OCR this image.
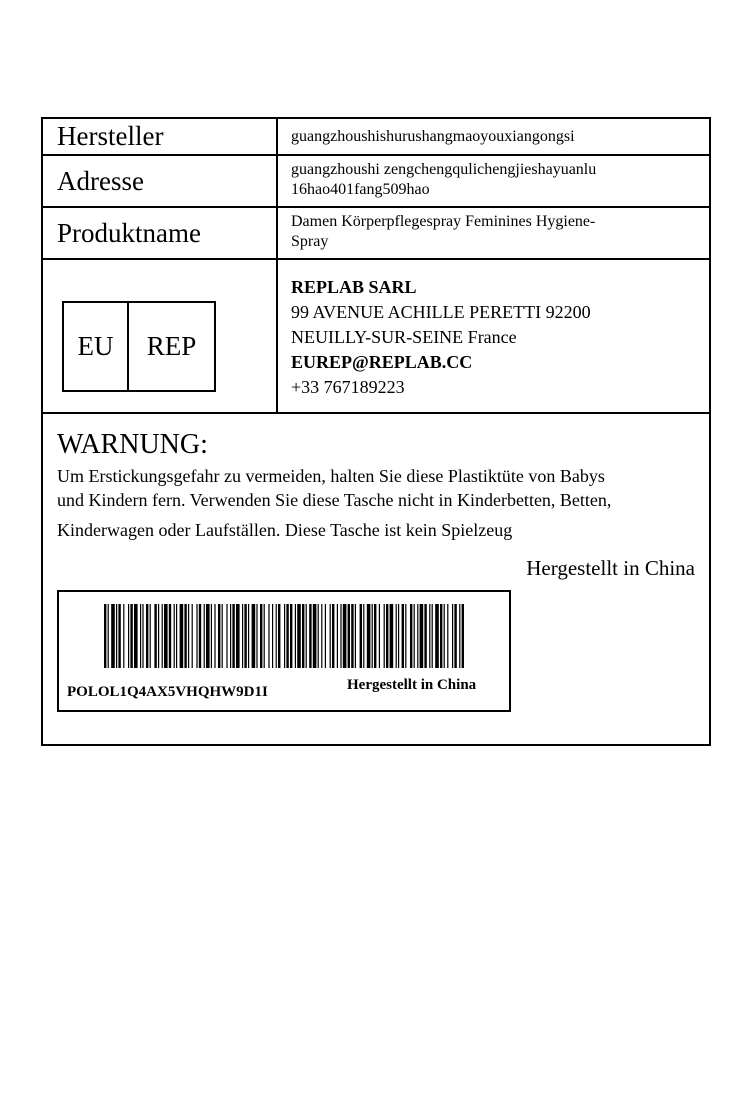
Hersteller	guangzhoushishurushangmaoyouxiangongsi
Adresse	guangzhoushi zengchengqulichengjieshayuanlu
16hao401fang509hao
Produktname	Damen Körperpflegespray Feminines Hygiene-
Spray
EU	REP
REPLAB SARL
99 AVENUE ACHILLE PERETTI 92200
NEUILLY-SUR-SEINE France
EUREP@REPLAB.CC
+33 767189223
WARNUNG:

Um Erstickungsgefahr zu vermeiden, halten Sie diese Plastiktüte von Babys

und Kindern fern. Verwenden Sie diese Tasche nicht in Kinderbetten, Betten,

Kinderwagen oder Laufställen. Diese Tasche ist kein Spielzeug

Hergestellt in China
POLOL1Q4AX5VHQHW9D1I	Hergestellt in China
